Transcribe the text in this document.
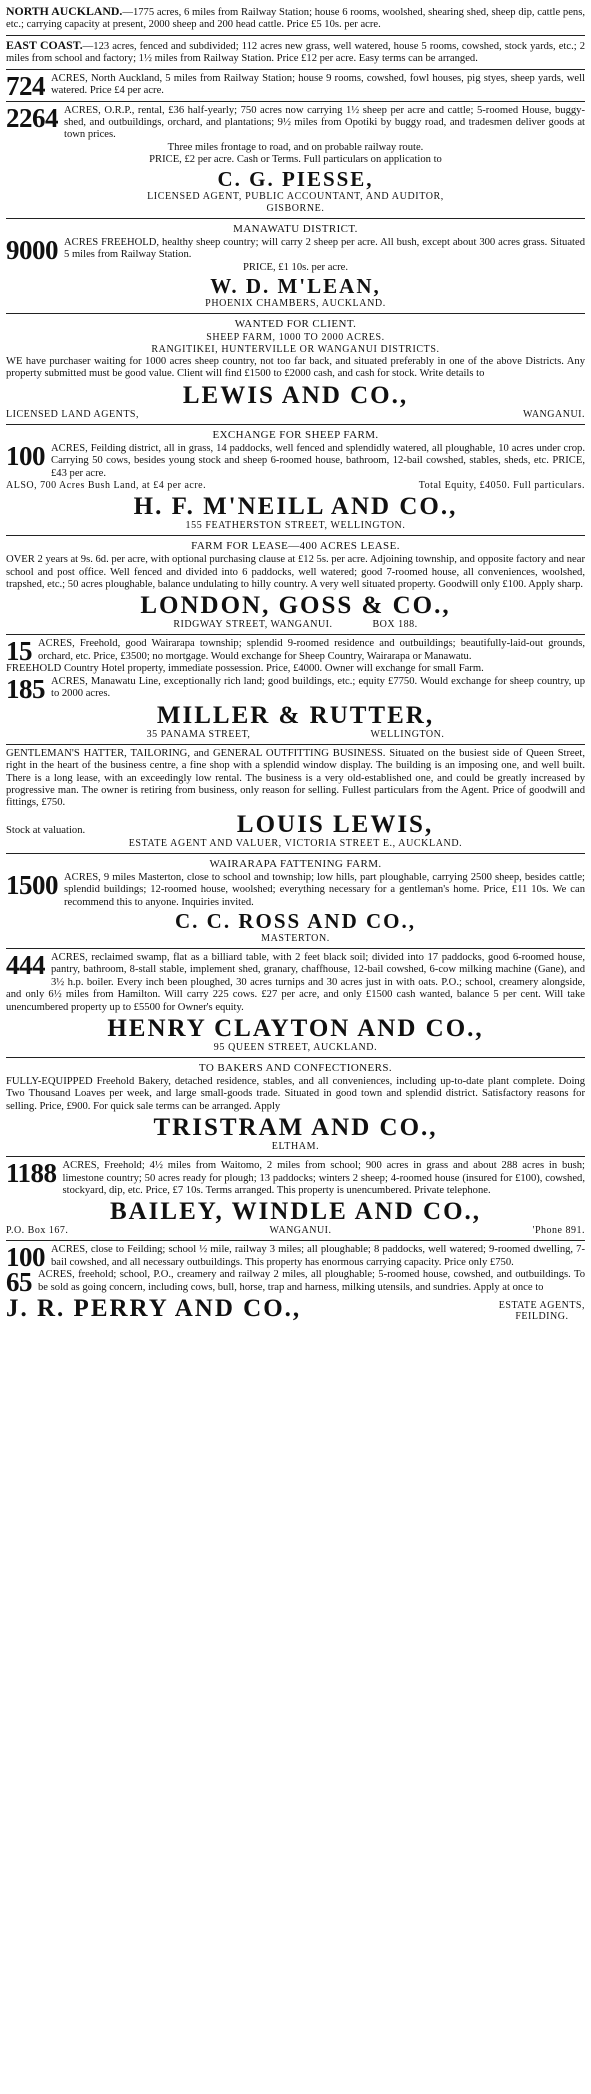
NORTH AUCKLAND.—1775 acres, 6 miles from Railway Station; house 6 rooms, woolshed, shearing shed, sheep dip, cattle pens, etc.; carrying capacity at present, 2000 sheep and 200 head cattle. Price £5 10s. per acre.

EAST COAST.—123 acres, fenced and subdivided; 112 acres new grass, well watered, house 5 rooms, cowshed, stock yards, etc.; 2 miles from school and factory; 1½ miles from Railway Station. Price £12 per acre. Easy terms can be arranged.

724 ACRES, North Auckland, 5 miles from Railway Station; house 9 rooms, cowshed, fowl houses, pig styes, sheep yards, well watered. Price £4 per acre.

2264 ACRES, O.R.P., rental, £36 half-yearly; 750 acres now carrying 1½ sheep per acre and cattle; 5-roomed House, buggy-shed, and outbuildings, orchard, and plantations; 9½ miles from Opotiki by buggy road, and tradesmen deliver goods at town prices.

Three miles frontage to road, and on probable railway route.

PRICE, £2 per acre. Cash or Terms. Full particulars on application to

C. G. PIESSE,

LICENSED AGENT, PUBLIC ACCOUNTANT, AND AUDITOR,

GISBORNE.

MANAWATU DISTRICT.

9000 ACRES FREEHOLD, healthy sheep country; will carry 2 sheep per acre. All bush, except about 300 acres grass. Situated 5 miles from Railway Station.

PRICE, £1 10s. per acre.

W. D. M'LEAN,

PHOENIX CHAMBERS, AUCKLAND.

WANTED FOR CLIENT.

SHEEP FARM, 1000 TO 2000 ACRES.

RANGITIKEI, HUNTERVILLE OR WANGANUI DISTRICTS.

WE have purchaser waiting for 1000 acres sheep country, not too far back, and situated preferably in one of the above Districts. Any property submitted must be good value. Client will find £1500 to £2000 cash, and cash for stock. Write details to

LEWIS AND CO.,

LICENSED LAND AGENTS,	WANGANUI.

EXCHANGE FOR SHEEP FARM.

100 ACRES, Feilding district, all in grass, 14 paddocks, well fenced and splendidly watered, all ploughable, 10 acres under crop. Carrying 50 cows, besides young stock and sheep 6-roomed house, bathroom, 12-bail cowshed, stables, sheds, etc. PRICE, £43 per acre.

ALSO, 700 Acres Bush Land, at £4 per acre.	Total Equity, £4050. Full particulars.

H. F. M'NEILL AND CO.,

155 FEATHERSTON STREET, WELLINGTON.

FARM FOR LEASE—400 ACRES LEASE.

OVER 2 years at 9s. 6d. per acre, with optional purchasing clause at £12 5s. per acre. Adjoining township, and opposite factory and near school and post office. Well fenced and divided into 6 paddocks, well watered; good 7-roomed house, all conveniences, woolshed, trapshed, etc.; 50 acres ploughable, balance undulating to hilly country. A very well situated property. Goodwill only £100. Apply sharp.

LONDON, GOSS & CO.,

RIDGWAY STREET, WANGANUI.	BOX 188.
15 ACRES, Freehold, good Wairarapa township; splendid 9-roomed residence and outbuildings; beautifully-laid-out grounds, orchard, etc. Price, £3500; no mortgage. Would exchange for Sheep Country, Wairarapa or Manawatu.

FREEHOLD Country Hotel property, immediate possession. Price, £4000. Owner will exchange for small Farm.

185 ACRES, Manawatu Line, exceptionally rich land; good buildings, etc.; equity £7750. Would exchange for sheep country, up to 2000 acres.

MILLER & RUTTER,

35 PANAMA STREET,	WELLINGTON.

GENTLEMAN'S HATTER, TAILORING, and GENERAL OUTFITTING BUSINESS. Situated on the busiest side of Queen Street, right in the heart of the business centre, a fine shop with a splendid window display. The building is an imposing one, and well built. There is a long lease, with an exceedingly low rental. The business is a very old-established one, and could be greatly increased by progressive man. The owner is retiring from business, only reason for selling. Fullest particulars from the Agent. Price of goodwill and fittings, £750.

Stock at valuation.	LOUIS LEWIS,

ESTATE AGENT AND VALUER, VICTORIA STREET E., AUCKLAND.

WAIRARAPA FATTENING FARM.

1500 ACRES, 9 miles Masterton, close to school and township; low hills, part ploughable, carrying 2500 sheep, besides cattle; splendid buildings; 12-roomed house, woolshed; everything necessary for a gentleman's home. Price, £11 10s. We can recommend this to anyone. Inquiries invited.

C. C. ROSS AND CO.,

MASTERTON.

444 ACRES, reclaimed swamp, flat as a billiard table, with 2 feet black soil; divided into 17 paddocks, good 6-roomed house, pantry, bathroom, 8-stall stable, implement shed, granary, chaffhouse, 12-bail cowshed, 6-cow milking machine (Gane), and 3½ h.p. boiler. Every inch been ploughed, 30 acres turnips and 30 acres just in with oats. P.O.; school, creamery alongside, and only 6½ miles from Hamilton. Will carry 225 cows. £27 per acre, and only £1500 cash wanted, balance 5 per cent. Will take unencumbered property up to £5500 for Owner's equity.

HENRY CLAYTON AND CO.,

95 QUEEN STREET, AUCKLAND.

TO BAKERS AND CONFECTIONERS.

FULLY-EQUIPPED Freehold Bakery, detached residence, stables, and all conveniences, including up-to-date plant complete. Doing Two Thousand Loaves per week, and large small-goods trade. Situated in good town and splendid district. Satisfactory reasons for selling. Price, £900. For quick sale terms can be arranged. Apply

TRISTRAM AND CO.,

ELTHAM.

1188 ACRES, Freehold; 4½ miles from Waitomo, 2 miles from school; 900 acres in grass and about 288 acres in bush; limestone country; 50 acres ready for plough; 13 paddocks; winters 2 sheep; 4-roomed house (insured for £100), cowshed, stockyard, dip, etc. Price, £7 10s. Terms arranged. This property is unencumbered. Private telephone.

BAILEY, WINDLE AND CO.,

P.O. Box 167.	WANGANUI.	'Phone 891.
100 ACRES, close to Feilding; school ½ mile, railway 3 miles; all ploughable; 8 paddocks, well watered; 9-roomed dwelling, 7-bail cowshed, and all necessary outbuildings. This property has enormous carrying capacity. Price only £750.

65 ACRES, freehold; school, P.O., creamery and railway 2 miles, all ploughable; 5-roomed house, cowshed, and outbuildings. To be sold as going concern, including cows, bull, horse, trap and harness, milking utensils, and sundries. Apply at once to

J. R. PERRY AND CO.,	ESTATE AGENTS,
FEILDING.
